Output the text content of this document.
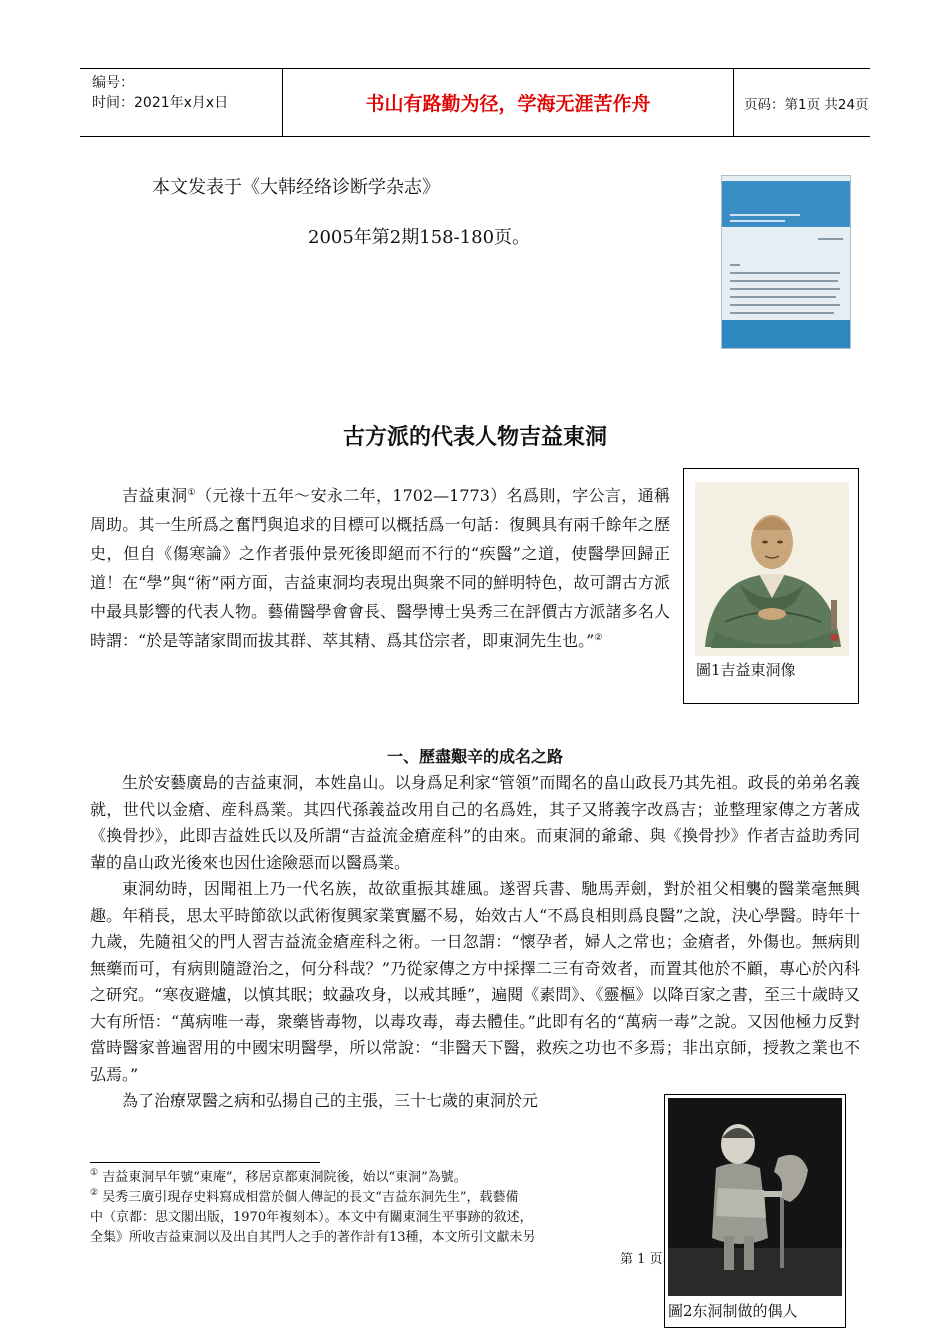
编号：
时间：2021年x月x日	书山有路勤为径，学海无涯苦作舟	页码：第1页 共24页
本文发表于《大韩经络诊断学杂志》
2005年第2期158-180页。
古方派的代表人物吉益東洞

吉益東洞①（元祿十五年～安永二年，1702—1773）名爲則，字公言，通稱周助。其一生所爲之奮鬥與追求的目標可以概括爲一句話：復興具有兩千餘年之歷史，但自《傷寒論》之作者張仲景死後即絕而不行的“疾醫”之道，使醫學回歸正道！在“學”與“術”兩方面，吉益東洞均表現出與衆不同的鮮明特色，故可謂古方派中最具影響的代表人物。藝備醫學會會長、醫學博士吳秀三在評價古方派諸多名人時謂：“於是等諸家間而拔其群、萃其精、爲其岱宗者，即東洞先生也。”②

圖1吉益東洞像
一、歷盡艱辛的成名之路

生於安藝廣島的吉益東洞，本姓畠山。以身爲足利家“管領”而聞名的畠山政長乃其先祖。政長的弟弟名義就，世代以金瘡、産科爲業。其四代孫義益改用自己的名爲姓，其子又將義字改爲吉；並整理家傳之方著成《換骨抄》，此即吉益姓氏以及所謂“吉益流金瘡産科”的由來。而東洞的爺爺、與《換骨抄》作者吉益助秀同輩的畠山政光後來也因仕途險惡而以醫爲業。

東洞幼時，因聞祖上乃一代名族，故欲重振其雄風。遂習兵書、馳馬弄劍，對於祖父相襲的醫業毫無興趣。年稍長，思太平時節欲以武術復興家業實屬不易，始效古人“不爲良相則爲良醫”之說，決心學醫。時年十九歲，先隨祖父的門人習吉益流金瘡産科之術。一日忽謂：“懷孕者，婦人之常也；金瘡者，外傷也。無病則無藥而可，有病則隨證治之，何分科哉？”乃從家傳之方中採擇二三有奇效者，而置其他於不顧，專心於內科之研究。“寒夜避爐，以慎其眠；蚊蝨攻身，以戒其睡”，遍閱《素問》、《靈樞》以降百家之書，至三十歲時又大有所悟：“萬病唯一毒，衆藥皆毒物，以毒攻毒，毒去體佳。”此即有名的“萬病一毒”之說。又因他極力反對當時醫家普遍習用的中國宋明醫學，所以常說：“非醫天下醫，救疾之功也不多焉；非出京師，授教之業也不弘焉。”

為了治療眾醫之病和弘揚自己的主張，三十七歲的東洞於元

① 吉益東洞早年號“東庵”，移居京都東洞院後，始以“東洞”為號。
② 吴秀三廣引現存史料寫成相當於個人傳記的長文“吉益东洞先生”，载藝備
中（京都：思文閣出版，1970年複刻本）。本文中有關東洞生平事跡的敘述，
全集》所收吉益東洞以及出自其門人之手的著作計有13種，本文所引文獻未另
第 1 页
圖2东洞制做的偶人
